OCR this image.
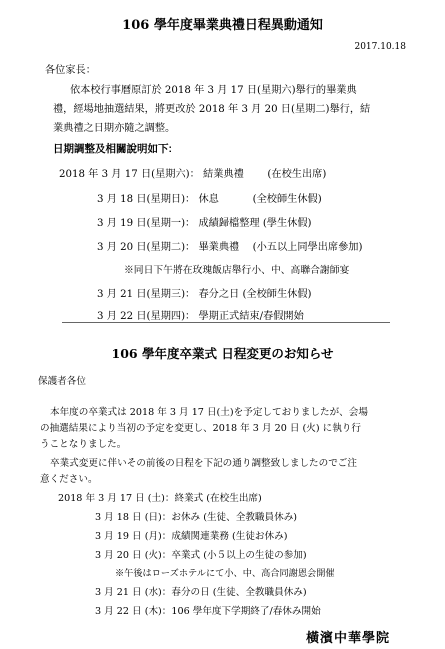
106 學年度畢業典禮日程異動通知
2017.10.18
各位家長：
依本校行事曆原訂於 2018 年 3 月 17 日(星期六)舉行的畢業典
禮，經場地抽選結果，將更改於 2018 年 3 月 20 日(星期二)舉行，結
業典禮之日期亦隨之調整。
日期調整及相關說明如下:
2018 年 3 月 17 日(星期六)： 結業典禮　　 (在校生出席)
3 月 18 日(星期日)： 休息　　　 (全校師生休假)
3 月 19 日(星期一)： 成績歸檔整理 (學生休假)
3 月 20 日(星期二)： 畢業典禮　 (小五以上同學出席參加)
※同日下午將在玫瑰飯店舉行小、中、高聯合謝師宴
3 月 21 日(星期三)： 春分之日 (全校師生休假)
3 月 22 日(星期四)： 學期正式結束/春假開始
106 學年度卒業式 日程変更のお知らせ
保護者各位
本年度の卒業式は 2018 年 3 月 17 日(土)を予定しておりましたが、会場
の抽選結果により当初の予定を変更し、2018 年 3 月 20 日 (火) に執り行
うことなりました。
卒業式変更に伴いその前後の日程を下記の通り調整致しましたのでご注
意ください。
2018 年 3 月 17 日 (土)：終業式 (在校生出席)
3 月 18 日 (日)：お休み (生徒、全教職員休み)
3 月 19 日 (月)：成績関連業務 (生徒お休み)
3 月 20 日 (火)：卒業式 (小５以上の生徒の参加)
※午後はローズホテルにて小、中、高合同謝恩会開催
3 月 21 日 (水)：春分の日 (生徒、全教職員休み)
3 月 22 日 (木)：106 學年度下学期終了/春休み開始
橫濱中華學院
